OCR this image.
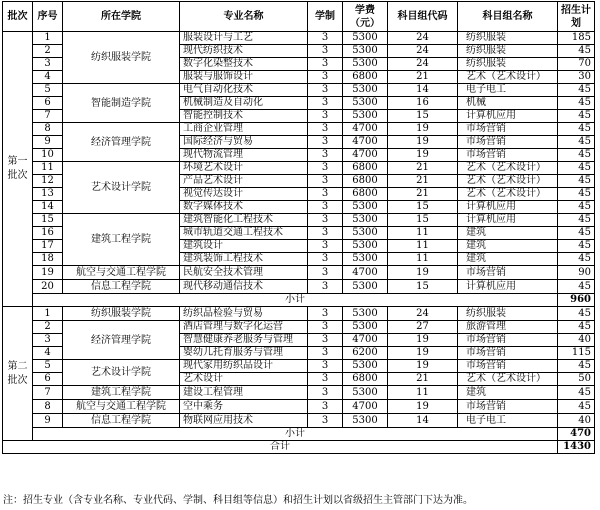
批次	序号	所在学院	专业名称	学制	学费（元）	科目组代码	科目组名称	招生计划
第一批次	1	纺织服装学院	服装设计与工艺	3	5300	24	纺织服装	185
	2		现代纺织技术	3	5300	24	纺织服装	45
	3		数字化染整技术	3	5300	24	纺织服装	70
	4		服装与服饰设计	3	6800	21	艺术（艺术设计）	30
	5	智能制造学院	电气自动化技术	3	5300	14	电子电工	45
	6		机械制造及自动化	3	5300	16	机械	45
	7		智能控制技术	3	5300	15	计算机应用	45
	8	经济管理学院	工商企业管理	3	4700	19	市场营销	45
	9		国际经济与贸易	3	4700	19	市场营销	45
	10		现代物流管理	3	4700	19	市场营销	45
	11	艺术设计学院	环境艺术设计	3	6800	21	艺术（艺术设计）	45
	12		产品艺术设计	3	6800	21	艺术（艺术设计）	45
	13		视觉传达设计	3	6800	21	艺术（艺术设计）	45
	14		数字媒体技术	3	5300	15	计算机应用	45
	15	建筑工程学院	建筑智能化工程技术	3	5300	15	计算机应用	45
	16		城市轨道交通工程技术	3	5300	11	建筑	45
	17		建筑设计	3	5300	11	建筑	45
	18		建筑装饰工程技术	3	5300	11	建筑	45
	19	航空与交通工程学院	民航安全技术管理	3	4700	19	市场营销	90
	20	信息工程学院	现代移动通信技术	3	5300	15	计算机应用	45
	小计							960
第二批次	1	纺织服装学院	纺织品检验与贸易	3	5300	24	纺织服装	45
	2	经济管理学院	酒店管理与数字化运营	3	5300	27	旅游管理	45
	3		智慧健康养老服务与管理	3	4700	19	市场营销	40
	4		婴幼儿托育服务与管理	3	6200	19	市场营销	115
	5	艺术设计学院	现代家用纺织品设计	3	5300	19	市场营销	45
	6		艺术设计	3	6800	21	艺术（艺术设计）	50
	7	建筑工程学院	建设工程管理	3	5300	11	建筑	45
	8	航空与交通工程学院	空中乘务	3	4700	19	市场营销	45
	9	信息工程学院	物联网应用技术	3	5300	14	电子电工	40
	小计							470
合计								1430
注：招生专业（含专业名称、专业代码、学制、科目组等信息）和招生计划以省级招生主管部门下达为准。
